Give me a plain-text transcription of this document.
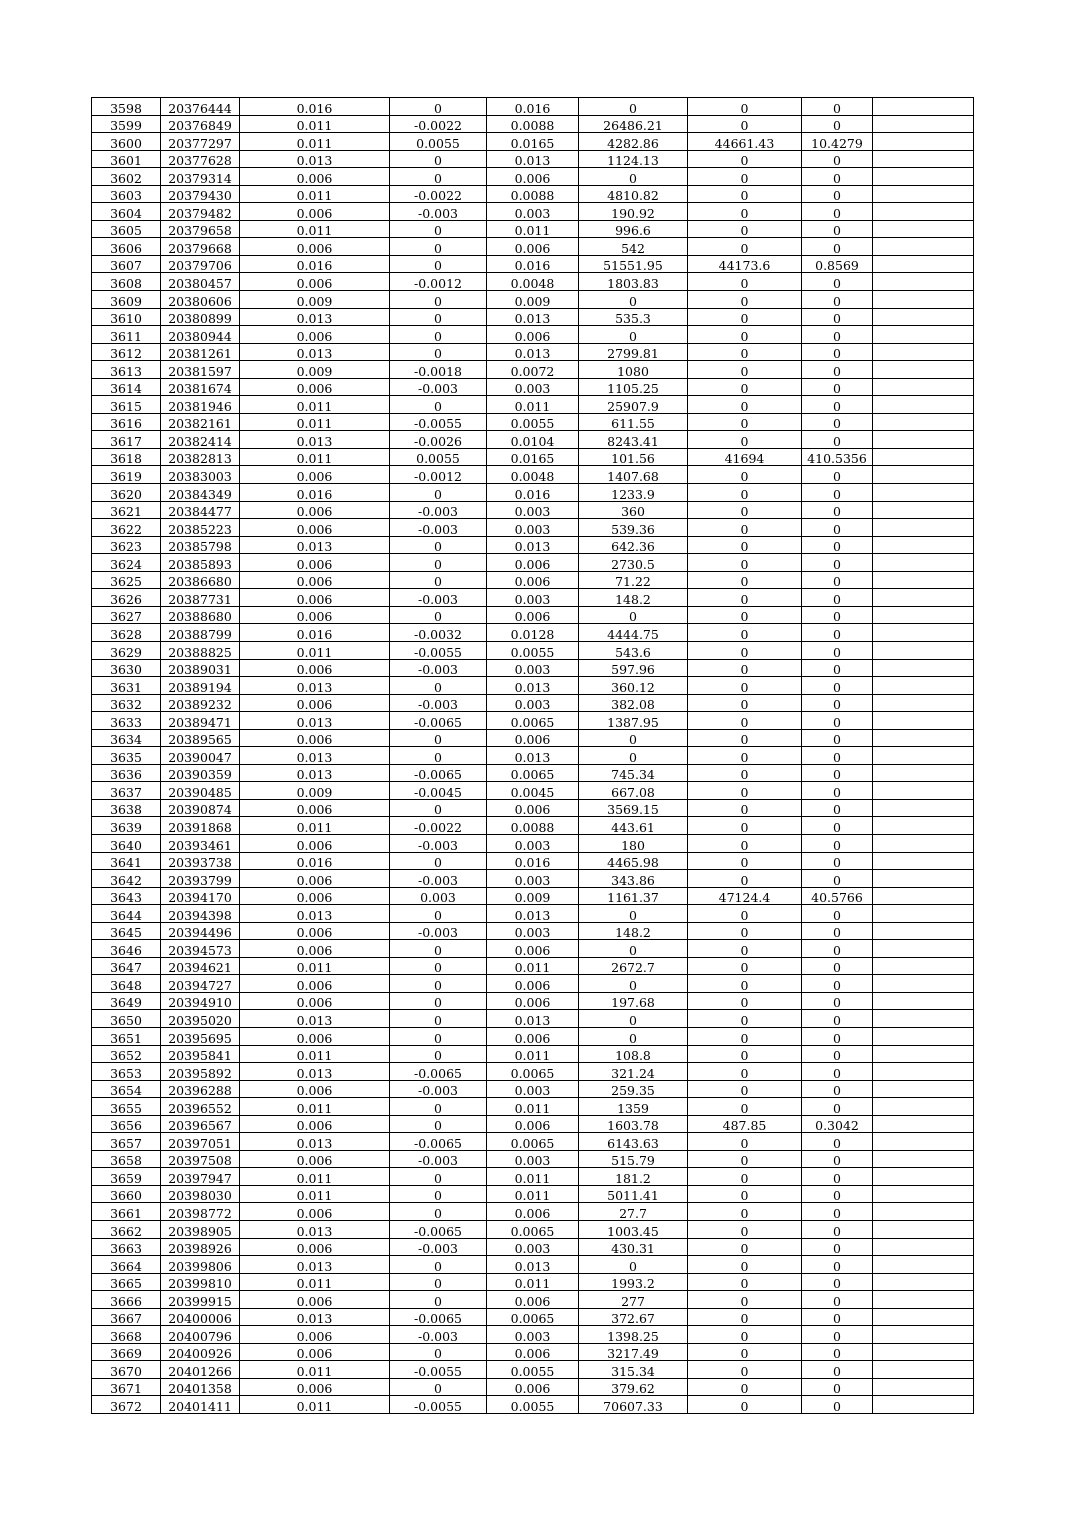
3598	20376444	0.016	0	0.016	0	0	0	
3599	20376849	0.011	-0.0022	0.0088	26486.21	0	0	
3600	20377297	0.011	0.0055	0.0165	4282.86	44661.43	10.4279	
3601	20377628	0.013	0	0.013	1124.13	0	0	
3602	20379314	0.006	0	0.006	0	0	0	
3603	20379430	0.011	-0.0022	0.0088	4810.82	0	0	
3604	20379482	0.006	-0.003	0.003	190.92	0	0	
3605	20379658	0.011	0	0.011	996.6	0	0	
3606	20379668	0.006	0	0.006	542	0	0	
3607	20379706	0.016	0	0.016	51551.95	44173.6	0.8569	
3608	20380457	0.006	-0.0012	0.0048	1803.83	0	0	
3609	20380606	0.009	0	0.009	0	0	0	
3610	20380899	0.013	0	0.013	535.3	0	0	
3611	20380944	0.006	0	0.006	0	0	0	
3612	20381261	0.013	0	0.013	2799.81	0	0	
3613	20381597	0.009	-0.0018	0.0072	1080	0	0	
3614	20381674	0.006	-0.003	0.003	1105.25	0	0	
3615	20381946	0.011	0	0.011	25907.9	0	0	
3616	20382161	0.011	-0.0055	0.0055	611.55	0	0	
3617	20382414	0.013	-0.0026	0.0104	8243.41	0	0	
3618	20382813	0.011	0.0055	0.0165	101.56	41694	410.5356	
3619	20383003	0.006	-0.0012	0.0048	1407.68	0	0	
3620	20384349	0.016	0	0.016	1233.9	0	0	
3621	20384477	0.006	-0.003	0.003	360	0	0	
3622	20385223	0.006	-0.003	0.003	539.36	0	0	
3623	20385798	0.013	0	0.013	642.36	0	0	
3624	20385893	0.006	0	0.006	2730.5	0	0	
3625	20386680	0.006	0	0.006	71.22	0	0	
3626	20387731	0.006	-0.003	0.003	148.2	0	0	
3627	20388680	0.006	0	0.006	0	0	0	
3628	20388799	0.016	-0.0032	0.0128	4444.75	0	0	
3629	20388825	0.011	-0.0055	0.0055	543.6	0	0	
3630	20389031	0.006	-0.003	0.003	597.96	0	0	
3631	20389194	0.013	0	0.013	360.12	0	0	
3632	20389232	0.006	-0.003	0.003	382.08	0	0	
3633	20389471	0.013	-0.0065	0.0065	1387.95	0	0	
3634	20389565	0.006	0	0.006	0	0	0	
3635	20390047	0.013	0	0.013	0	0	0	
3636	20390359	0.013	-0.0065	0.0065	745.34	0	0	
3637	20390485	0.009	-0.0045	0.0045	667.08	0	0	
3638	20390874	0.006	0	0.006	3569.15	0	0	
3639	20391868	0.011	-0.0022	0.0088	443.61	0	0	
3640	20393461	0.006	-0.003	0.003	180	0	0	
3641	20393738	0.016	0	0.016	4465.98	0	0	
3642	20393799	0.006	-0.003	0.003	343.86	0	0	
3643	20394170	0.006	0.003	0.009	1161.37	47124.4	40.5766	
3644	20394398	0.013	0	0.013	0	0	0	
3645	20394496	0.006	-0.003	0.003	148.2	0	0	
3646	20394573	0.006	0	0.006	0	0	0	
3647	20394621	0.011	0	0.011	2672.7	0	0	
3648	20394727	0.006	0	0.006	0	0	0	
3649	20394910	0.006	0	0.006	197.68	0	0	
3650	20395020	0.013	0	0.013	0	0	0	
3651	20395695	0.006	0	0.006	0	0	0	
3652	20395841	0.011	0	0.011	108.8	0	0	
3653	20395892	0.013	-0.0065	0.0065	321.24	0	0	
3654	20396288	0.006	-0.003	0.003	259.35	0	0	
3655	20396552	0.011	0	0.011	1359	0	0	
3656	20396567	0.006	0	0.006	1603.78	487.85	0.3042	
3657	20397051	0.013	-0.0065	0.0065	6143.63	0	0	
3658	20397508	0.006	-0.003	0.003	515.79	0	0	
3659	20397947	0.011	0	0.011	181.2	0	0	
3660	20398030	0.011	0	0.011	5011.41	0	0	
3661	20398772	0.006	0	0.006	27.7	0	0	
3662	20398905	0.013	-0.0065	0.0065	1003.45	0	0	
3663	20398926	0.006	-0.003	0.003	430.31	0	0	
3664	20399806	0.013	0	0.013	0	0	0	
3665	20399810	0.011	0	0.011	1993.2	0	0	
3666	20399915	0.006	0	0.006	277	0	0	
3667	20400006	0.013	-0.0065	0.0065	372.67	0	0	
3668	20400796	0.006	-0.003	0.003	1398.25	0	0	
3669	20400926	0.006	0	0.006	3217.49	0	0	
3670	20401266	0.011	-0.0055	0.0055	315.34	0	0	
3671	20401358	0.006	0	0.006	379.62	0	0	
3672	20401411	0.011	-0.0055	0.0055	70607.33	0	0	
